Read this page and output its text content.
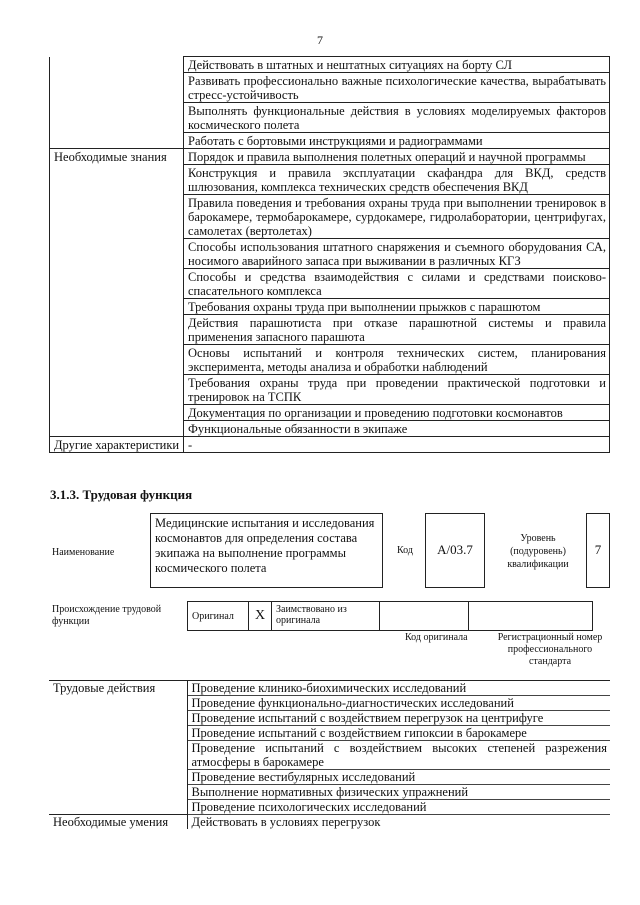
7
	Действовать в штатных и нештатных ситуациях на борту СЛ
	Развивать профессионально важные психологические качества, вырабатывать стресс-устойчивость
	Выполнять функциональные действия в условиях моделируемых факторов космического полета
	Работать с бортовыми инструкциями и радиограммами
Необходимые знания	Порядок и правила выполнения полетных операций и научной программы
	Конструкция и правила эксплуатации скафандра для ВКД, средств шлюзования, комплекса технических средств обеспечения ВКД
	Правила поведения и требования охраны труда при выполнении тренировок в барокамере, термобарокамере, сурдокамере, гидролаборатории, центрифугах, самолетах (вертолетах)
	Способы использования штатного снаряжения и съемного оборудования СА, носимого аварийного запаса при выживании в различных КГЗ
	Способы и средства взаимодействия с силами и средствами поисково-спасательного комплекса
	Требования охраны труда при выполнении прыжков с парашютом
	Действия парашютиста при отказе парашютной системы и правила применения запасного парашюта
	Основы испытаний и контроля технических систем, планирования эксперимента, методы анализа и обработки наблюдений
	Требования охраны труда при проведении практической подготовки и тренировок на ТСПК
	Документация по организации и проведению подготовки космонавтов
	Функциональные обязанности в экипаже
Другие характеристики	-
3.1.3. Трудовая функция
Наименование
Медицинские испытания и исследования космонавтов для определения состава экипажа на выполнение программы космического полета
Код	A/03.7
Уровень (подуровень) квалификации
7
Происхождение трудовой функции	Оригинал	X	Заимствовано из оригинала
Код оригинала	Регистрационный номер профессионального стандарта
Трудовые действия	Проведение клинико-биохимических исследований
	Проведение функционально-диагностических исследований
	Проведение испытаний с воздействием перегрузок на центрифуге
	Проведение испытаний с воздействием гипоксии в барокамере
	Проведение испытаний с воздействием высоких степеней разрежения атмосферы в барокамере
	Проведение вестибулярных исследований
	Выполнение нормативных физических упражнений
	Проведение психологических исследований
Необходимые умения	Действовать в условиях перегрузок
